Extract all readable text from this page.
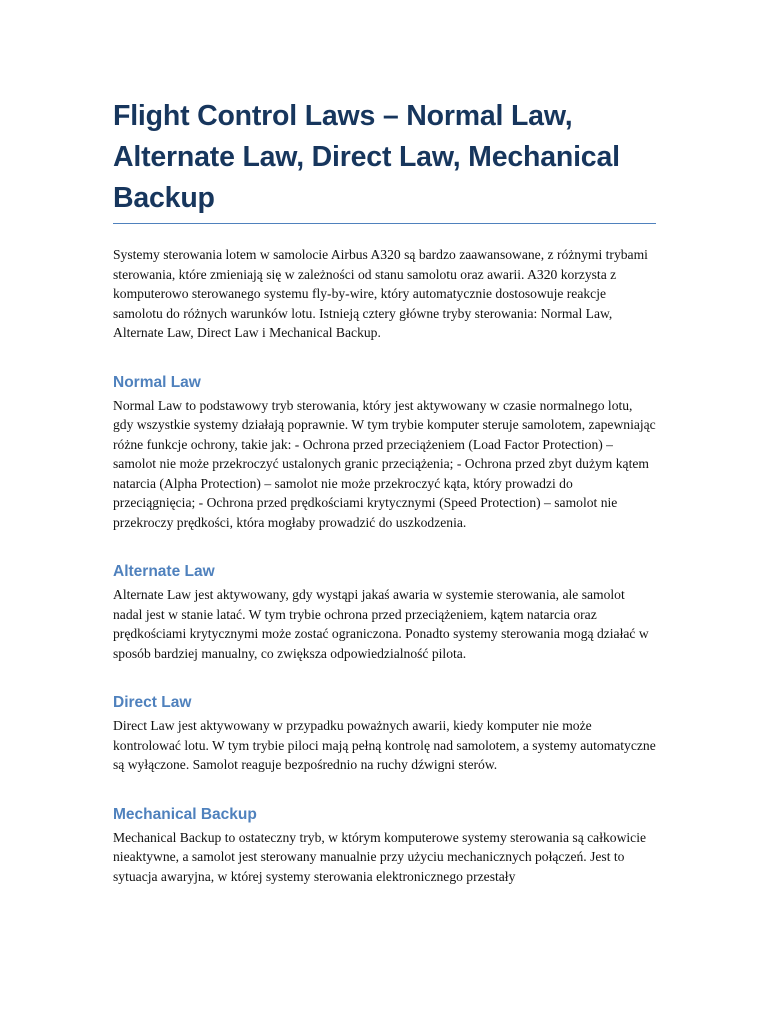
Flight Control Laws – Normal Law, Alternate Law, Direct Law, Mechanical Backup

Systemy sterowania lotem w samolocie Airbus A320 są bardzo zaawansowane, z różnymi trybami sterowania, które zmieniają się w zależności od stanu samolotu oraz awarii. A320 korzysta z komputerowo sterowanego systemu fly-by-wire, który automatycznie dostosowuje reakcje samolotu do różnych warunków lotu. Istnieją cztery główne tryby sterowania: Normal Law, Alternate Law, Direct Law i Mechanical Backup.

Normal Law

Normal Law to podstawowy tryb sterowania, który jest aktywowany w czasie normalnego lotu, gdy wszystkie systemy działają poprawnie. W tym trybie komputer steruje samolotem, zapewniając różne funkcje ochrony, takie jak: - Ochrona przed przeciążeniem (Load Factor Protection) – samolot nie może przekroczyć ustalonych granic przeciążenia; - Ochrona przed zbyt dużym kątem natarcia (Alpha Protection) – samolot nie może przekroczyć kąta, który prowadzi do przeciągnięcia; - Ochrona przed prędkościami krytycznymi (Speed Protection) – samolot nie przekroczy prędkości, która mogłaby prowadzić do uszkodzenia.

Alternate Law

Alternate Law jest aktywowany, gdy wystąpi jakaś awaria w systemie sterowania, ale samolot nadal jest w stanie latać. W tym trybie ochrona przed przeciążeniem, kątem natarcia oraz prędkościami krytycznymi może zostać ograniczona. Ponadto systemy sterowania mogą działać w sposób bardziej manualny, co zwiększa odpowiedzialność pilota.

Direct Law

Direct Law jest aktywowany w przypadku poważnych awarii, kiedy komputer nie może kontrolować lotu. W tym trybie piloci mają pełną kontrolę nad samolotem, a systemy automatyczne są wyłączone. Samolot reaguje bezpośrednio na ruchy dźwigni sterów.

Mechanical Backup

Mechanical Backup to ostateczny tryb, w którym komputerowe systemy sterowania są całkowicie nieaktywne, a samolot jest sterowany manualnie przy użyciu mechanicznych połączeń. Jest to sytuacja awaryjna, w której systemy sterowania elektronicznego przestały
